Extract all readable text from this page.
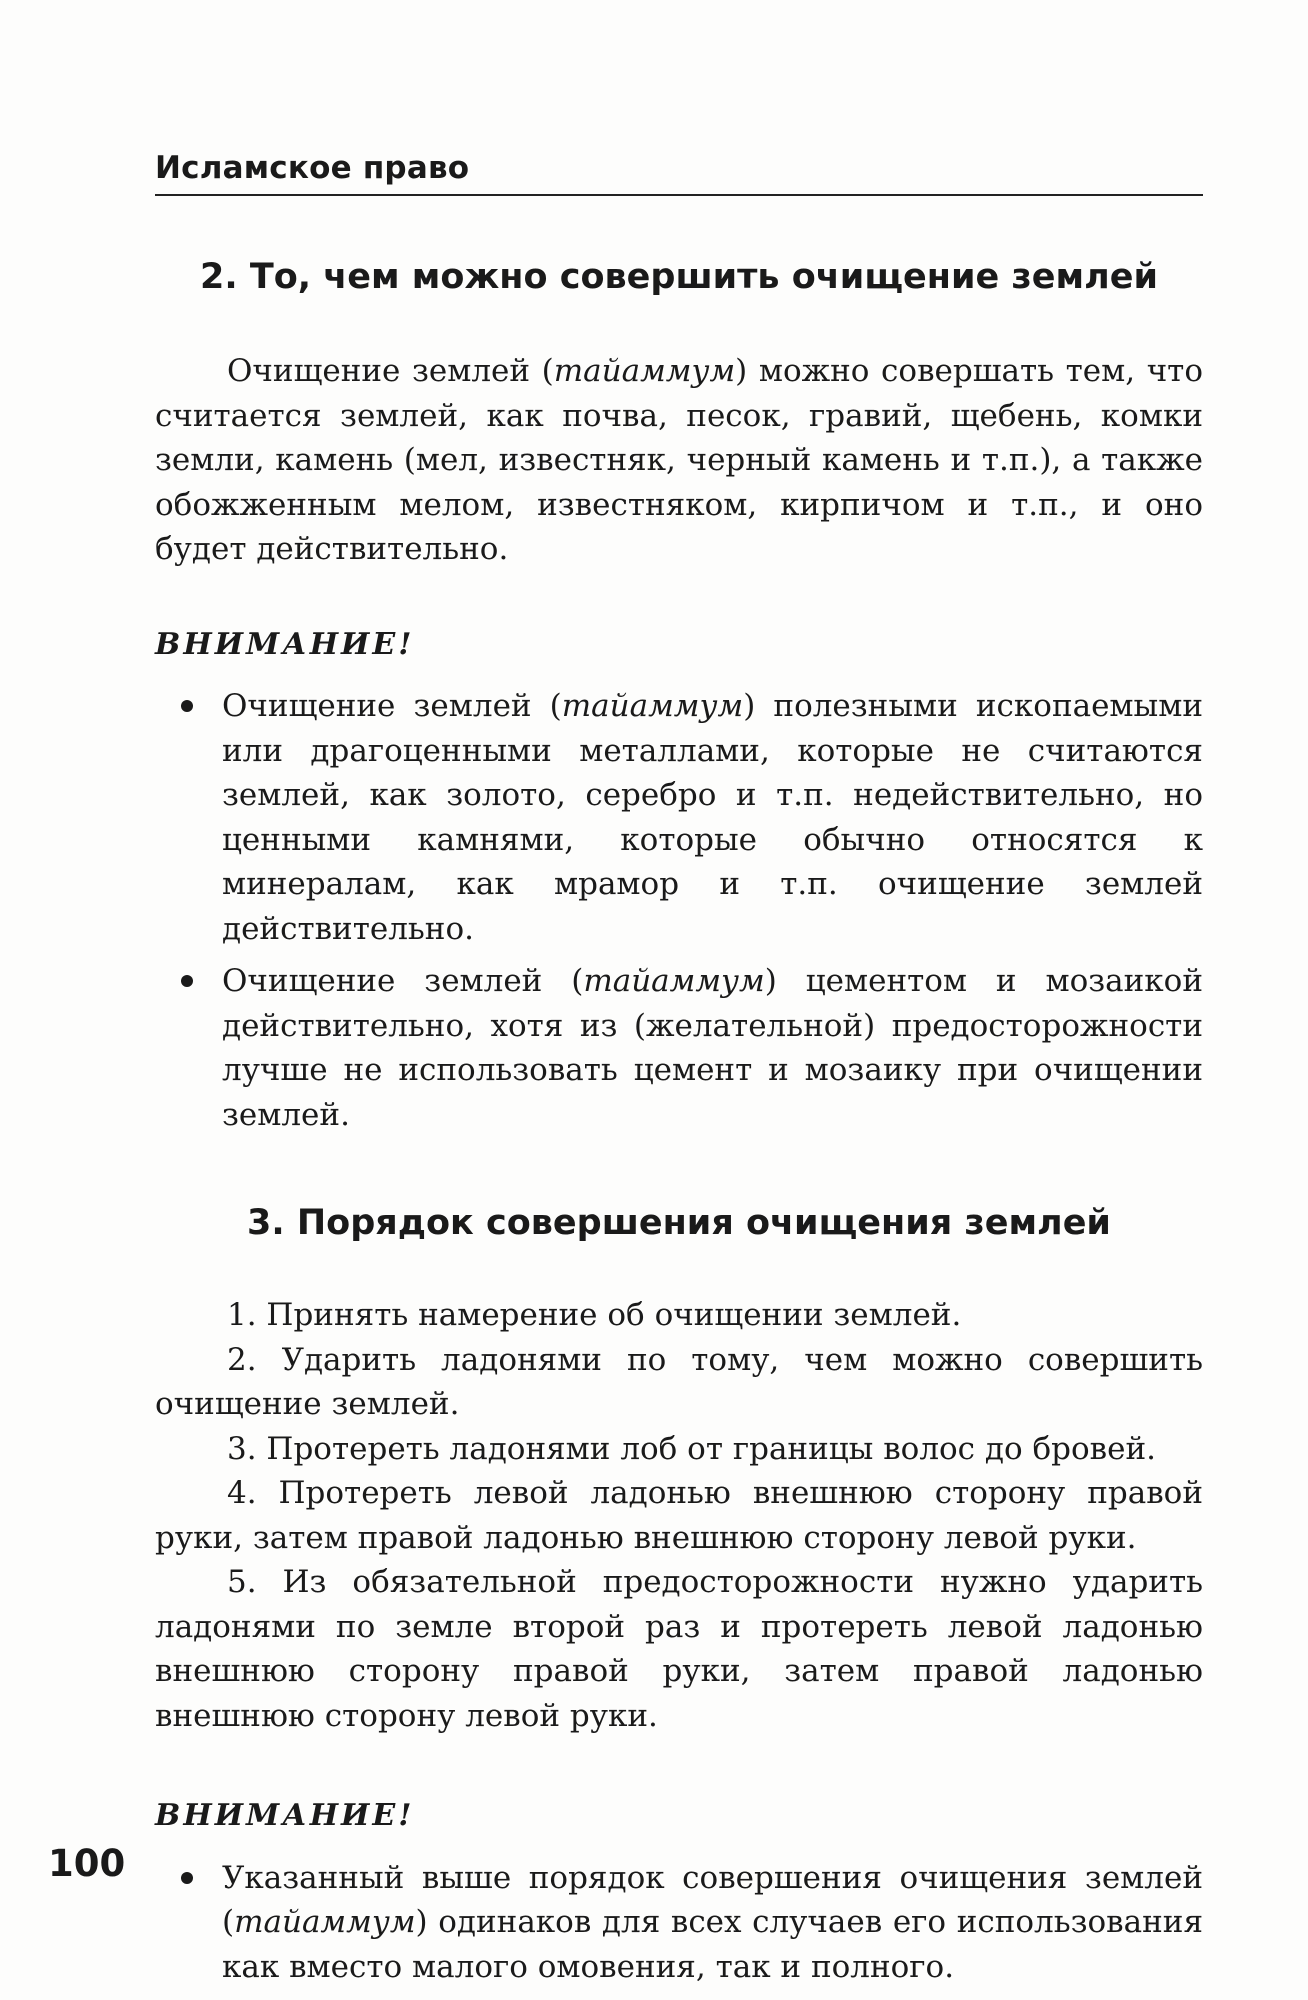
Исламское право
2. То, чем можно совершить очищение землей

Очищение землей (тайаммум) можно совершать тем, что считается землей, как почва, песок, гравий, щебень, комки земли, камень (мел, известняк, черный камень и т.п.), а также обожженным мелом, известняком, кирпичом и т.п., и оно будет действительно.

ВНИМАНИЕ!
Очищение землей (тайаммум) полезными ископаемыми или драгоценными металлами, которые не считаются землей, как золото, серебро и т.п. недействительно, но ценными камнями, которые обычно относятся к минералам, как мрамор и т.п. очищение землей действительно.
Очищение землей (тайаммум) цементом и мозаикой действительно, хотя из (желательной) предосторожности лучше не использовать цемент и мозаику при очищении землей.
3. Порядок совершения очищения землей
1. Принять намерение об очищении землей.
2. Ударить ладонями по тому, чем можно совершить очищение землей.
3. Протереть ладонями лоб от границы волос до бровей.
4. Протереть левой ладонью внешнюю сторону правой руки, затем правой ладонью внешнюю сторону левой руки.
5. Из обязательной предосторожности нужно ударить ладонями по земле второй раз и протереть левой ладонью внешнюю сторону правой руки, затем правой ладонью внешнюю сторону левой руки.
ВНИМАНИЕ!
Указанный выше порядок совершения очищения землей (тайаммум) одинаков для всех случаев его использования как вместо малого омовения, так и полного.
100
